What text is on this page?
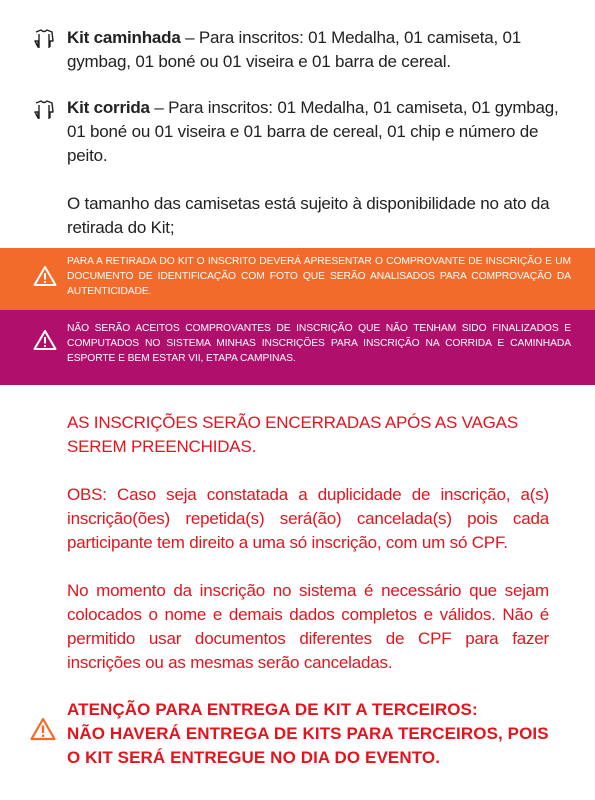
Kit caminhada – Para inscritos: 01 Medalha, 01 camiseta, 01 gymbag, 01 boné ou 01 viseira e 01 barra de cereal.
Kit corrida – Para inscritos: 01 Medalha, 01 camiseta, 01 gymbag, 01 boné ou 01 viseira e 01 barra de cereal, 01 chip e número de peito.

O tamanho das camisetas está sujeito à disponibilidade no ato da retirada do Kit;

PARA A RETIRADA DO KIT O INSCRITO DEVERÁ APRESENTAR O COMPROVANTE DE INSCRIÇÃO E UM DOCUMENTO DE IDENTIFICAÇÃO COM FOTO QUE SERÃO ANALISADOS PARA COMPROVAÇÃO DA AUTENTICIDADE.

NÃO SERÃO ACEITOS COMPROVANTES DE INSCRIÇÃO QUE NÃO TENHAM SIDO FINALIZADOS E COMPUTADOS NO SISTEMA MINHAS INSCRIÇÕES PARA INSCRIÇÃO NA CORRIDA E CAMINHADA ESPORTE E BEM ESTAR VII, ETAPA CAMPINAS.

AS INSCRIÇÕES SERÃO ENCERRADAS APÓS AS VAGAS SEREM PREENCHIDAS.

OBS: Caso seja constatada a duplicidade de inscrição, a(s) inscrição(ões) repetida(s) será(ão) cancelada(s) pois cada participante tem direito a uma só inscrição, com um só CPF.

No momento da inscrição no sistema é necessário que sejam colocados o nome e demais dados completos e válidos. Não é permitido usar documentos diferentes de CPF para fazer inscrições ou as mesmas serão canceladas.

ATENÇÃO PARA ENTREGA DE KIT A TERCEIROS:
NÃO HAVERÁ ENTREGA DE KITS PARA TERCEIROS, POIS O KIT SERÁ ENTREGUE NO DIA DO EVENTO.
